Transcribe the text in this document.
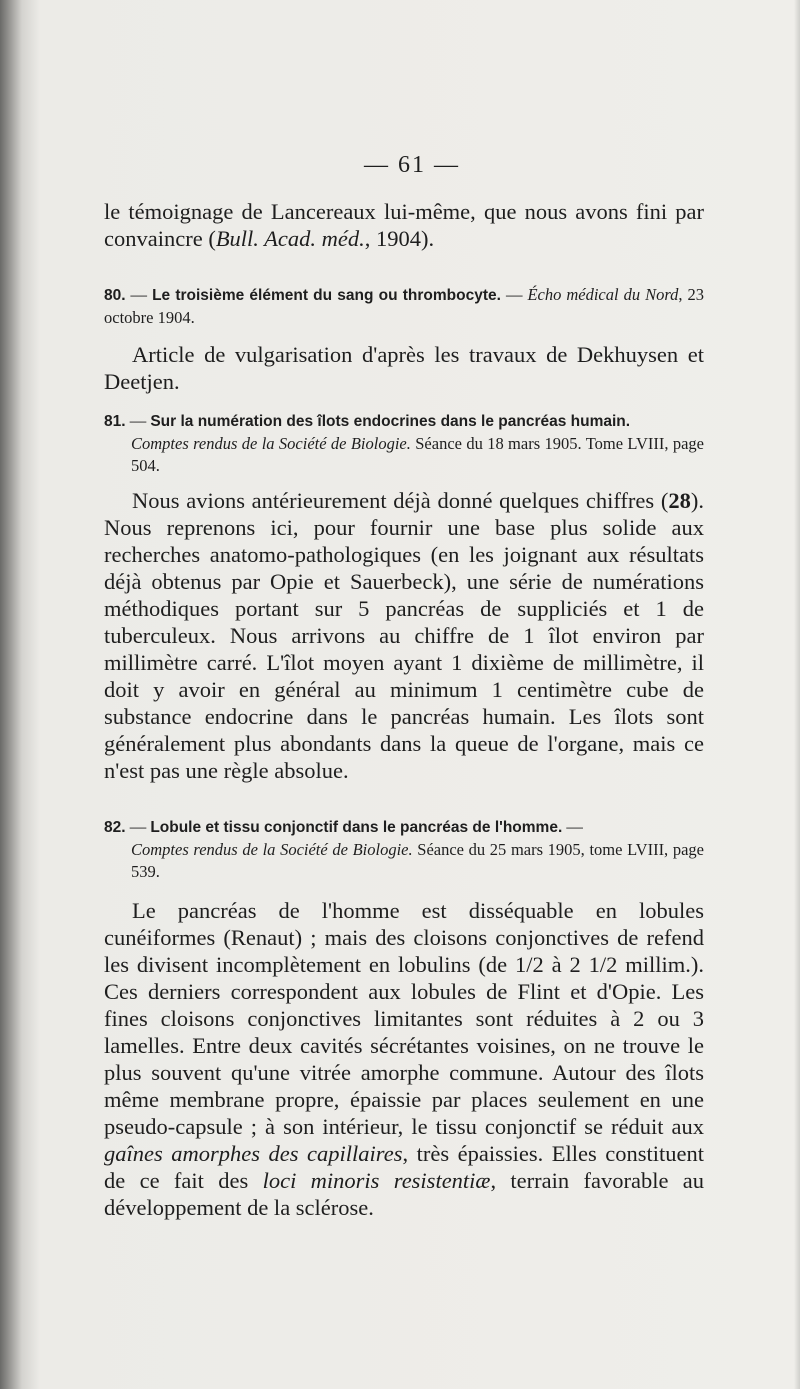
— 61 —

le témoignage de Lancereaux lui-même, que nous avons fini par convaincre (Bull. Acad. méd., 1904).

80. — Le troisième élément du sang ou thrombocyte. — Écho médical du Nord, 23 octobre 1904.

Article de vulgarisation d'après les travaux de Dekhuysen et Deetjen.

81. — Sur la numération des îlots endocrines dans le pancréas humain.
Comptes rendus de la Société de Biologie. Séance du 18 mars 1905. Tome LVIII, page 504.

Nous avions antérieurement déjà donné quelques chiffres (28). Nous reprenons ici, pour fournir une base plus solide aux recherches anatomo-pathologiques (en les joignant aux résultats déjà obtenus par Opie et Sauerbeck), une série de numérations méthodiques portant sur 5 pancréas de suppliciés et 1 de tuberculeux. Nous arrivons au chiffre de 1 îlot environ par millimètre carré. L'îlot moyen ayant 1 dixième de millimètre, il doit y avoir en général au minimum 1 centimètre cube de substance endocrine dans le pancréas humain. Les îlots sont généralement plus abondants dans la queue de l'organe, mais ce n'est pas une règle absolue.

82. — Lobule et tissu conjonctif dans le pancréas de l'homme. —
Comptes rendus de la Société de Biologie. Séance du 25 mars 1905, tome LVIII, page 539.

Le pancréas de l'homme est disséquable en lobules cunéiformes (Renaut) ; mais des cloisons conjonctives de refend les divisent incomplètement en lobulins (de 1/2 à 2 1/2 millim.). Ces derniers correspondent aux lobules de Flint et d'Opie. Les fines cloisons conjonctives limitantes sont réduites à 2 ou 3 lamelles. Entre deux cavités sécrétantes voisines, on ne trouve le plus souvent qu'une vitrée amorphe commune. Autour des îlots même membrane propre, épaissie par places seulement en une pseudo-capsule ; à son intérieur, le tissu conjonctif se réduit aux gaînes amorphes des capillaires, très épaissies. Elles constituent de ce fait des loci minoris resistentiæ, terrain favorable au développement de la sclérose.
